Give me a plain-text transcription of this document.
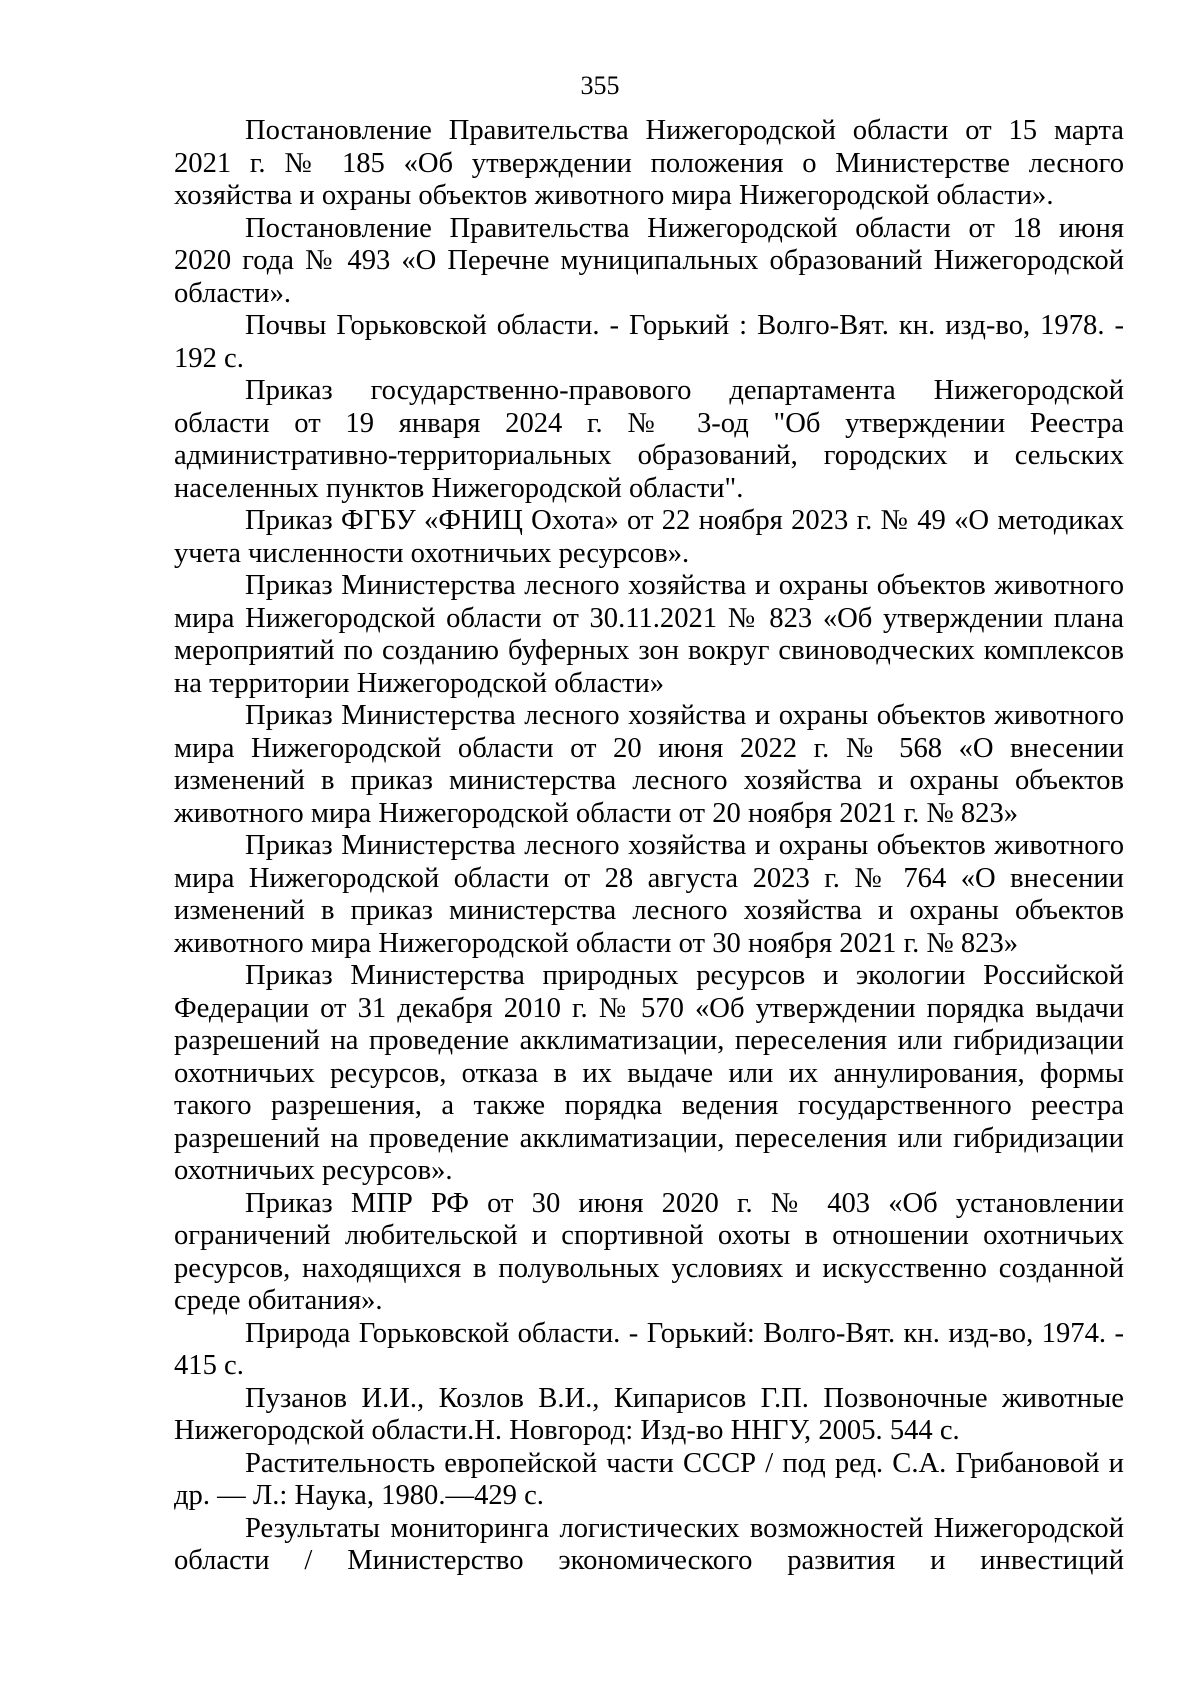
355

Постановление Правительства Нижегородской области от 15 марта 2021 г. № 185 «Об утверждении положения о Министерстве лесного хозяйства и охраны объектов животного мира Нижегородской области».

Постановление Правительства Нижегородской области от 18 июня 2020 года № 493 «О Перечне муниципальных образований Нижегородской области».

Почвы Горьковской области. - Горький : Волго-Вят. кн. изд-во, 1978. - 192 с.

Приказ государственно-правового департамента Нижегородской области от 19 января 2024 г. № 3-од "Об утверждении Реестра административно-территориальных образований, городских и сельских населенных пунктов Нижегородской области".

Приказ ФГБУ «ФНИЦ Охота» от 22 ноября 2023 г. № 49 «О методиках учета численности охотничьих ресурсов».

Приказ Министерства лесного хозяйства и охраны объектов животного мира Нижегородской области от 30.11.2021 № 823 «Об утверждении плана мероприятий по созданию буферных зон вокруг свиноводческих комплексов на территории Нижегородской области»

Приказ Министерства лесного хозяйства и охраны объектов животного мира Нижегородской области от 20 июня 2022 г. № 568 «О внесении изменений в приказ министерства лесного хозяйства и охраны объектов животного мира Нижегородской области от 20 ноября 2021 г. № 823»

Приказ Министерства лесного хозяйства и охраны объектов животного мира Нижегородской области от 28 августа 2023 г. № 764 «О внесении изменений в приказ министерства лесного хозяйства и охраны объектов животного мира Нижегородской области от 30 ноября 2021 г. № 823»

Приказ Министерства природных ресурсов и экологии Российской Федерации от 31 декабря 2010 г. № 570 «Об утверждении порядка выдачи разрешений на проведение акклиматизации, переселения или гибридизации охотничьих ресурсов, отказа в их выдаче или их аннулирования, формы такого разрешения, а также порядка ведения государственного реестра разрешений на проведение акклиматизации, переселения или гибридизации охотничьих ресурсов».

Приказ МПР РФ от 30 июня 2020 г. № 403 «Об установлении ограничений любительской и спортивной охоты в отношении охотничьих ресурсов, находящихся в полувольных условиях и искусственно созданной среде обитания».

Природа Горьковской области. - Горький: Волго-Вят. кн. изд-во, 1974. - 415 с.

Пузанов И.И., Козлов В.И., Кипарисов Г.П. Позвоночные животные Нижегородской области.Н. Новгород: Изд-во ННГУ, 2005. 544 с.

Растительность европейской части СССР / под ред. С.А. Грибановой и др. — Л.: Наука, 1980.—429 с.

Результаты мониторинга логистических возможностей Нижегородской области / Министерство экономического развития и инвестиций
